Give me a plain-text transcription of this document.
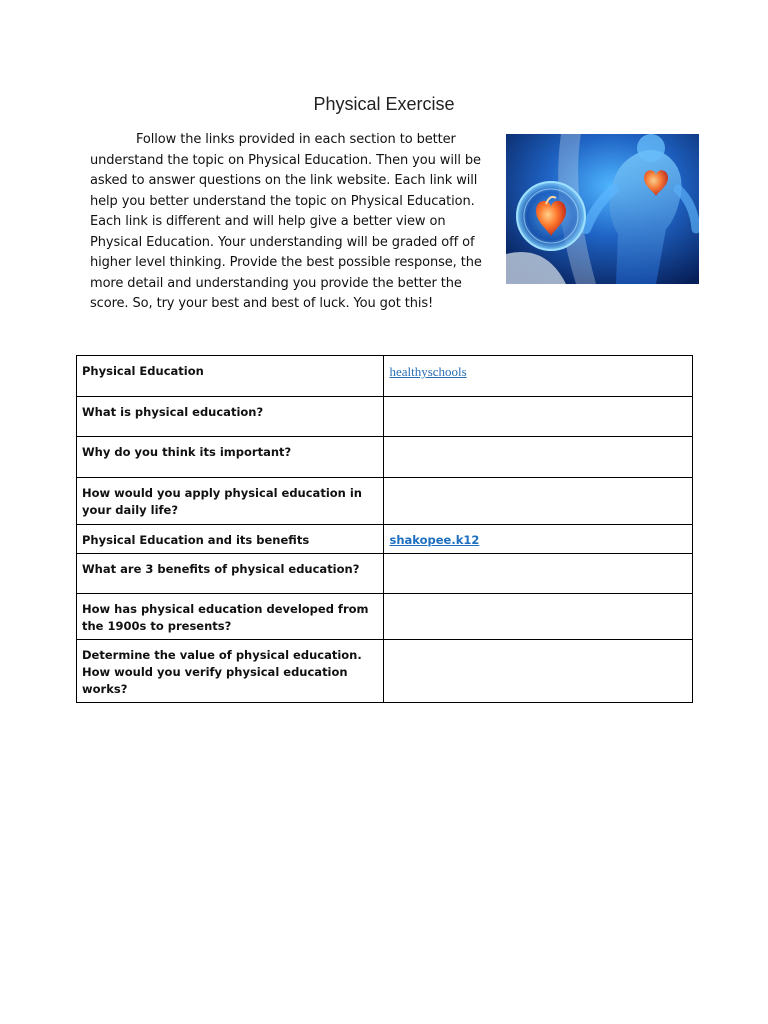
Physical Exercise
Follow the links provided in each section to better understand the topic on Physical Education. Then you will be asked to answer questions on the link website. Each link will help you better understand the topic on Physical Education. Each link is different and will help give a better view on Physical Education. Your understanding will be graded off of higher level thinking. Provide the best possible response, the more detail and understanding you provide the better the score. So, try your best and best of luck. You got this!
Physical Education	healthyschools
What is physical education?	
Why do you think its important?	
How would you apply physical education in your daily life?	
Physical Education and its benefits	shakopee.k12
What are 3 benefits of physical education?	
How has physical education developed from the 1900s to presents?	

Determine the value of physical education.
How would you verify physical education works?	
